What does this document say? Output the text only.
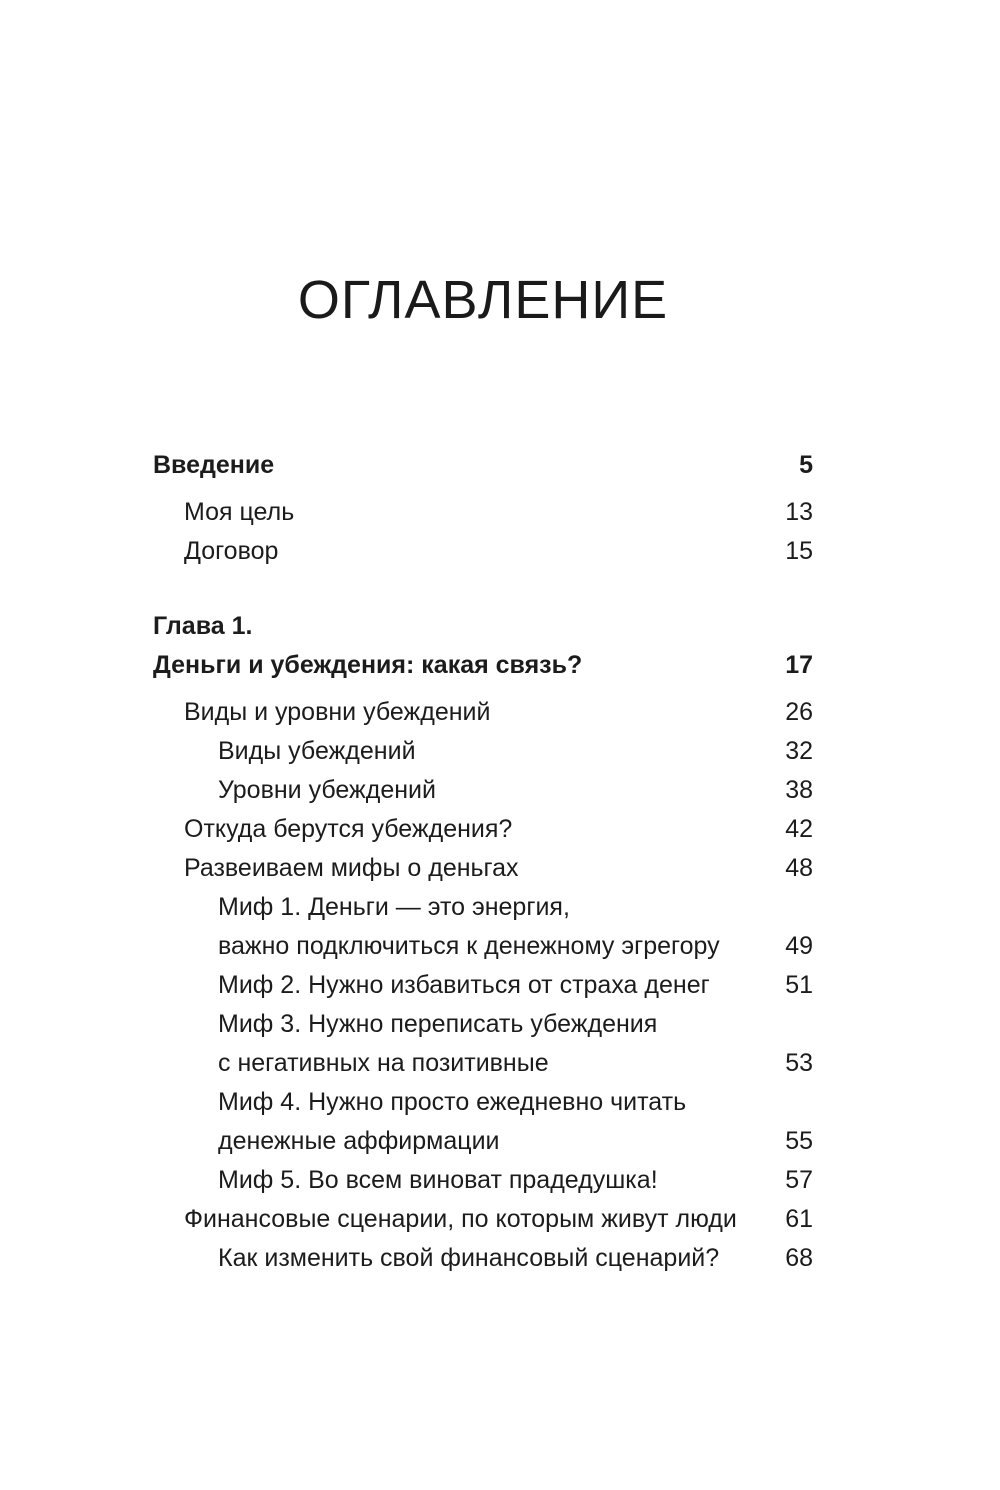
ОГЛАВЛЕНИЕ
Введение	5
Моя цель	13
Договор	15
Глава 1.
Деньги и убеждения: какая связь?	17
Виды и уровни убеждений	26
Виды убеждений	32
Уровни убеждений	38
Откуда берутся убеждения?	42
Развеиваем мифы о деньгах	48
Миф 1. Деньги — это энергия,
важно подключиться к денежному эгрегору	49
Миф 2. Нужно избавиться от страха денег	51
Миф 3. Нужно переписать убеждения
с негативных на позитивные	53
Миф 4. Нужно просто ежедневно читать
денежные аффирмации	55
Миф 5. Во всем виноват прадедушка!	57
Финансовые сценарии, по которым живут люди 61
Как изменить свой финансовый сценарий?	68
